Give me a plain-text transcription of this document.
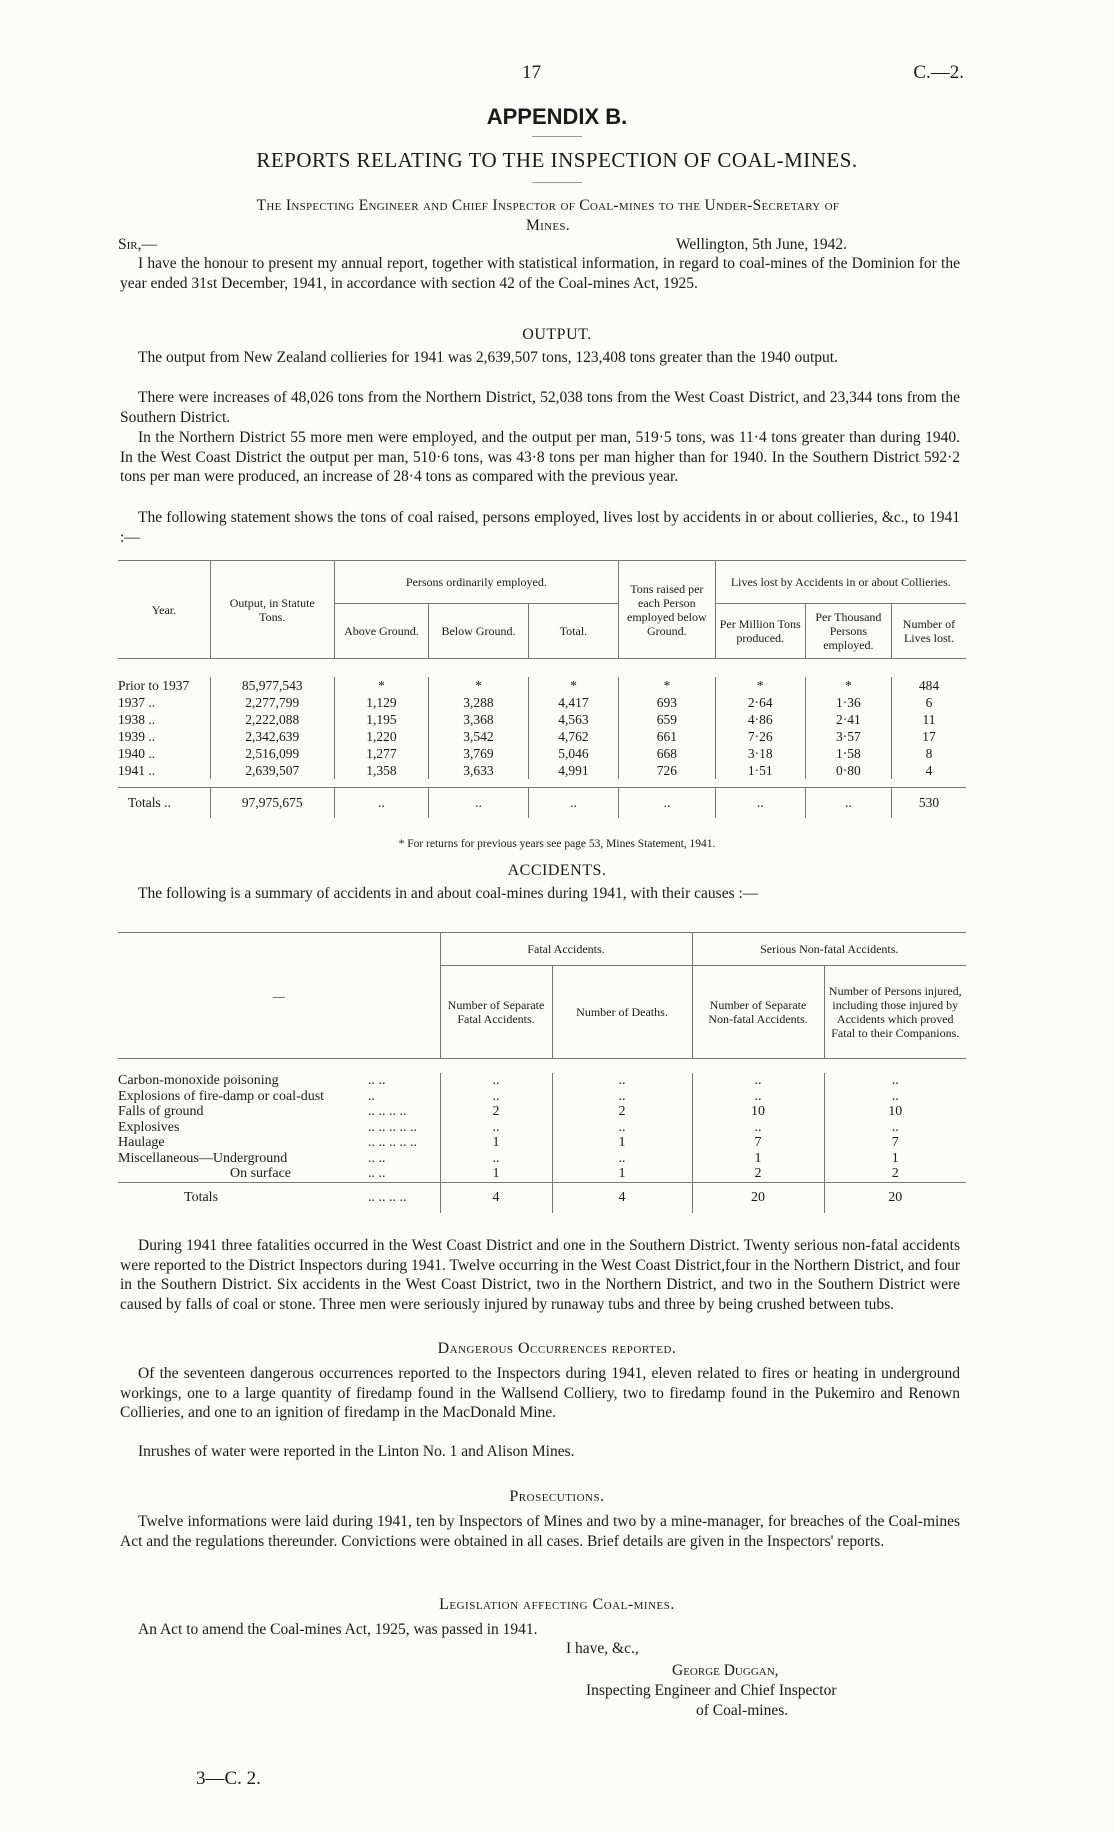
17	C.—2.
APPENDIX B.
REPORTS RELATING TO THE INSPECTION OF COAL-MINES.
The Inspecting Engineer and Chief Inspector of Coal-mines to the Under-Secretary of
Mines.
Sir,—	Wellington, 5th June, 1942.

I have the honour to present my annual report, together with statistical information, in regard to coal-mines of the Dominion for the year ended 31st December, 1941, in accordance with section 42 of the Coal-mines Act, 1925.

OUTPUT.

The output from New Zealand collieries for 1941 was 2,639,507 tons, 123,408 tons greater than the 1940 output.

There were increases of 48,026 tons from the Northern District, 52,038 tons from the West Coast District, and 23,344 tons from the Southern District.

In the Northern District 55 more men were employed, and the output per man, 519·5 tons, was 11·4 tons greater than during 1940. In the West Coast District the output per man, 510·6 tons, was 43·8 tons per man higher than for 1940. In the Southern District 592·2 tons per man were produced, an increase of 28·4 tons as compared with the previous year.

The following statement shows the tons of coal raised, persons employed, lives lost by accidents in or about collieries, &c., to 1941 :—

Year.	Output, in Statute Tons.	Persons ordinarily employed.			Tons raised per each Person employed below Ground.	Lives lost by Accidents in or about Collieries.		
		Above Ground.	Below Ground.	Total.		Per Million Tons produced.	Per Thousand Persons employed.	Number of Lives lost.

Prior to 1937	85,977,543	*	*	*	*	*	*	484
1937 ..	2,277,799	1,129	3,288	4,417	693	2·64	1·36	6
1938 ..	2,222,088	1,195	3,368	4,563	659	4·86	2·41	11
1939 ..	2,342,639	1,220	3,542	4,762	661	7·26	3·57	17
1940 ..	2,516,099	1,277	3,769	5,046	668	3·18	1·58	8
1941 ..	2,639,507	1,358	3,633	4,991	726	1·51	0·80	4

Totals ..	97,975,675	..	..	..	..	..	..	530
* For returns for previous years see page 53, Mines Statement, 1941.
ACCIDENTS.

The following is a summary of accidents in and about coal-mines during 1941, with their causes :—

—		Fatal Accidents.		Serious Non-fatal Accidents.	
		Number of Separate Fatal Accidents.	Number of Deaths.	Number of Separate Non-fatal Accidents.	Number of Persons injured, including those injured by Accidents which proved Fatal to their Companions.

Carbon-monoxide poisoning	.. ..	..	..	..	..
Explosions of fire-damp or coal-dust	..	..	..	..	..
Falls of ground	.. .. .. ..	2	2	10	10
Explosives	.. .. .. .. ..	..	..	..	..
Haulage	.. .. .. .. ..	1	1	7	7
Miscellaneous—Underground	.. ..	..	..	1	1
On surface	.. ..	1	1	2	2
Totals	.. .. .. ..	4	4	20	20

During 1941 three fatalities occurred in the West Coast District and one in the Southern District. Twenty serious non-fatal accidents were reported to the District Inspectors during 1941. Twelve occurring in the West Coast District,four in the Northern District, and four in the Southern District. Six accidents in the West Coast District, two in the Northern District, and two in the Southern District were caused by falls of coal or stone. Three men were seriously injured by runaway tubs and three by being crushed between tubs.

Dangerous Occurrences reported.

Of the seventeen dangerous occurrences reported to the Inspectors during 1941, eleven related to fires or heating in underground workings, one to a large quantity of firedamp found in the Wallsend Colliery, two to firedamp found in the Pukemiro and Renown Collieries, and one to an ignition of firedamp in the MacDonald Mine.

Inrushes of water were reported in the Linton No. 1 and Alison Mines.

Prosecutions.

Twelve informations were laid during 1941, ten by Inspectors of Mines and two by a mine-manager, for breaches of the Coal-mines Act and the regulations thereunder. Convictions were obtained in all cases. Brief details are given in the Inspectors' reports.

Legislation affecting Coal-mines.

An Act to amend the Coal-mines Act, 1925, was passed in 1941.

I have, &c.,
George Duggan,
Inspecting Engineer and Chief Inspector
of Coal-mines.
3—C. 2.
